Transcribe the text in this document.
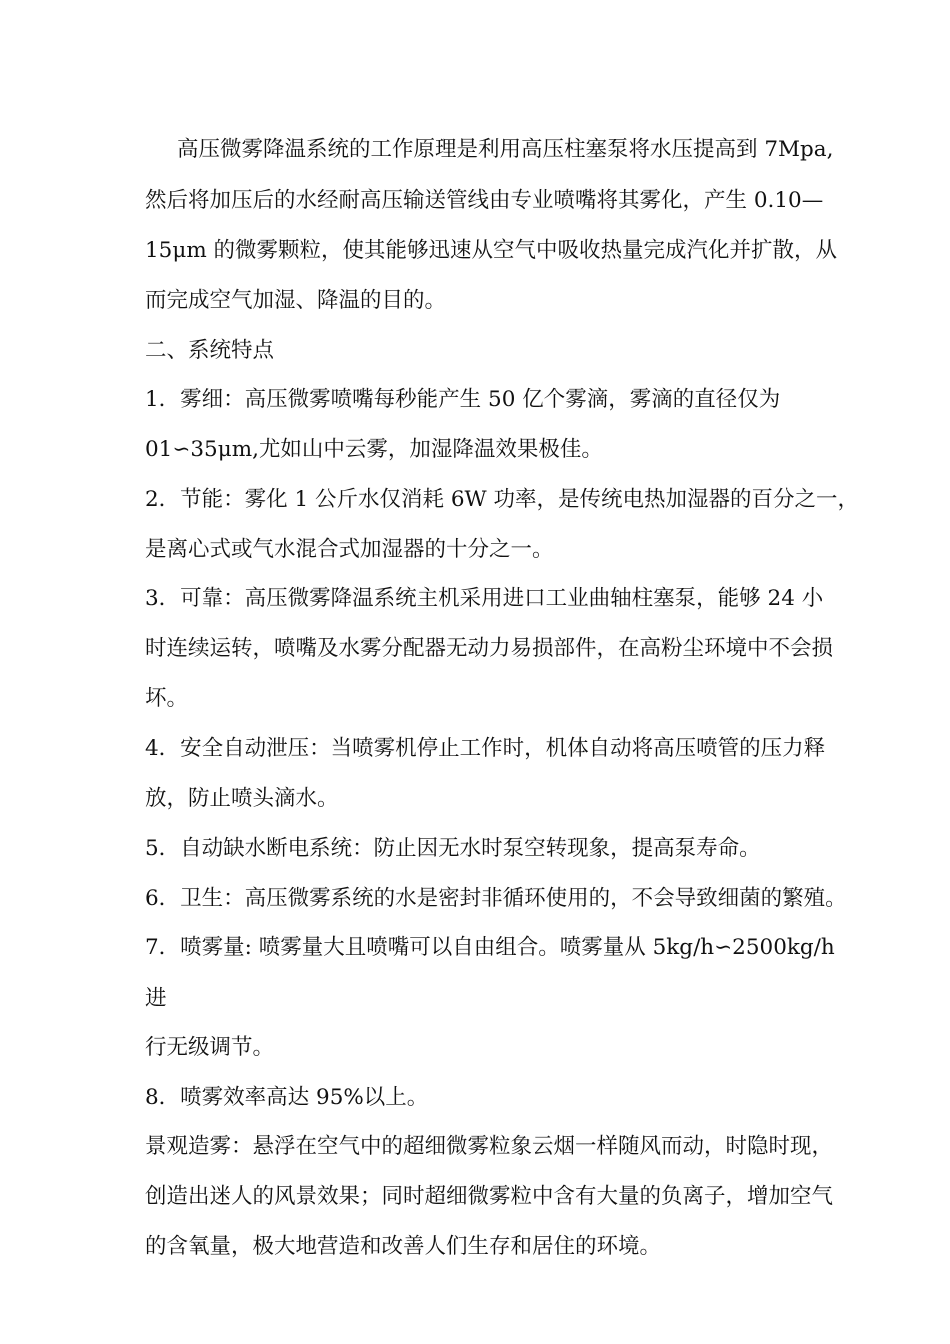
高压微雾降温系统的工作原理是利用高压柱塞泵将水压提高到 7Mpa,
然后将加压后的水经耐高压输送管线由专业喷嘴将其雾化，产生 0.10—
15μm 的微雾颗粒，使其能够迅速从空气中吸收热量完成汽化并扩散，从
而完成空气加湿、降温的目的。
二、系统特点
1．雾细：高压微雾喷嘴每秒能产生 50 亿个雾滴，雾滴的直径仅为
01∽35μm,尤如山中云雾，加湿降温效果极佳。
2．节能：雾化 1 公斤水仅消耗 6W 功率，是传统电热加湿器的百分之一，
是离心式或气水混合式加湿器的十分之一。
3．可靠：高压微雾降温系统主机采用进口工业曲轴柱塞泵，能够 24 小
时连续运转，喷嘴及水雾分配器无动力易损部件，在高粉尘环境中不会损
坏。
4．安全自动泄压：当喷雾机停止工作时，机体自动将高压喷管的压力释
放，防止喷头滴水。
5．自动缺水断电系统：防止因无水时泵空转现象，提高泵寿命。
6．卫生：高压微雾系统的水是密封非循环使用的，不会导致细菌的繁殖。
7．喷雾量: 喷雾量大且喷嘴可以自由组合。喷雾量从 5kg/h∽2500kg/h
进
行无级调节。
8．喷雾效率高达 95%以上。
景观造雾：悬浮在空气中的超细微雾粒象云烟一样随风而动，时隐时现，
创造出迷人的风景效果；同时超细微雾粒中含有大量的负离子，增加空气
的含氧量，极大地营造和改善人们生存和居住的环境。
